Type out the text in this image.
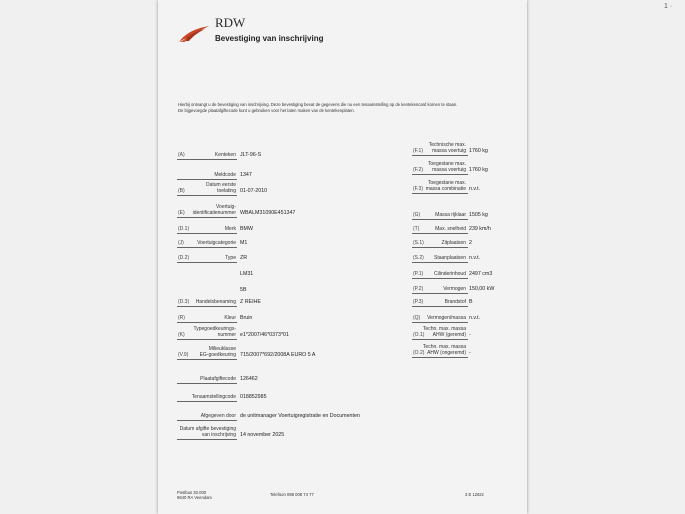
1 ·
RDW
Bevestiging van inschrijving
Hierbij ontvangt u de bevestiging van inschrijving. Deze bevestiging bevat de gegevens die nu een tenaamstelling op de kentekencard komen te staan.
De bijgevoegde plaatafgiftecode kunt u gebruiken voor het laten maken van de kentekenplaten.
(A)	Kenteken JLT-96-S
Meldcode 1347
(B)
Datum eerste
toelating 01-07-2010
(E)
Voertuig-
identificatienummer WBALM31090E451347
(D.1)	Merk BMW
(J)	Voertuigcategorie M1
(D.2)	Type ZR
LM31
5B
(D.3)	Handelsbenaming Z REIHE
(R)	Kleur Bruin
(K)
Typegoedkeurings-
nummer e1*2007/46*0373*01
(V.9)
Milieuklasse
EG-goedkeuring 715/2007*692/2008A EURO 5 A
Plaatafgiftecode 126462
Tenaamstellingcode 018852985
Afgegeven door de unitmanager Voertuigregistratie en Documenten
Datum afgifte bevestiging
van inschrijving 14 november 2025
(F.1)
Technische max.
massa voertuig 1760 kg
(F.2)
Toegestane max.
massa voertuig 1760 kg
(F.3)
Toegestane max.
massa combinatie n.v.t.
(G)	Massa rijklaar 1505 kg
(T)	Max. snelheid 239 km/h
(S.1)	Zitplaatsen 2
(S.2)	Staanplaatsen n.v.t.
(P.1)	Cilinderinhoud 2497 cm3
(P.2)	Vermogen 150,00 kW
(P.3)	Brandstof B
(Q)	Vermogen/massa n.v.t.
(O.1)
Techn. max. massa
AHW (geremd) -
(O.2)
Techn. max. massa
AHW (ongeremd) -
Postbus 30.000
9640 RA Veendam
Telefoon 088 008 74 77	3 E 1262z
